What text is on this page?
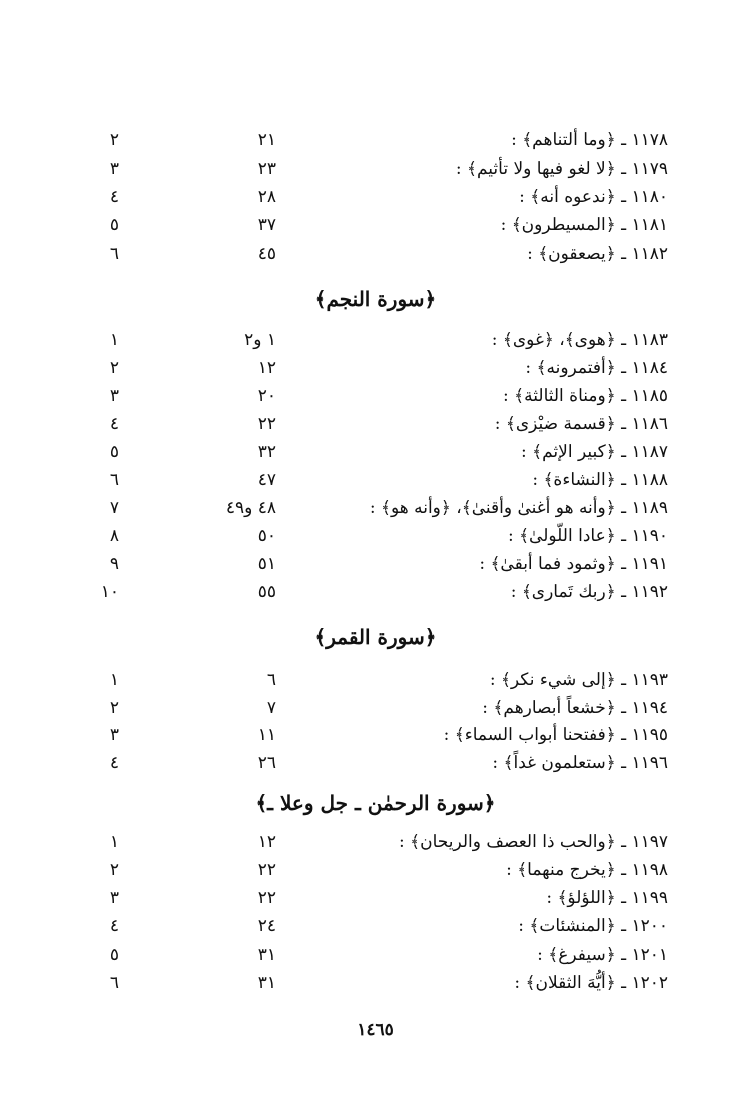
١١٧٨ ـ ﴿وما ألتناهم﴾ :
٢١
٢
١١٧٩ ـ ﴿لا لغو فيها ولا تأثيم﴾ :
٢٣
٣
١١٨٠ ـ ﴿ندعوه أنه﴾ :
٢٨
٤
١١٨١ ـ ﴿المسيطرون﴾ :
٣٧
٥
١١٨٢ ـ ﴿يصعقون﴾ :
٤٥
٦
﴿سورة النجم﴾
١١٨٣ ـ ﴿هوى﴾، ﴿غوى﴾ :
١ و٢
١
١١٨٤ ـ ﴿أفتمرونه﴾ :
١٢
٢
١١٨٥ ـ ﴿ومناة الثالثة﴾ :
٢٠
٣
١١٨٦ ـ ﴿قسمة ضيْزى﴾ :
٢٢
٤
١١٨٧ ـ ﴿كبير الإثم﴾ :
٣٢
٥
١١٨٨ ـ ﴿النشاءة﴾ :
٤٧
٦
١١٨٩ ـ ﴿وأنه هو أغنىٰ وأقنىٰ﴾، ﴿وأنه هو﴾ :
٤٨ و٤٩
٧
١١٩٠ ـ ﴿عادا اللّولىٰ﴾ :
٥٠
٨
١١٩١ ـ ﴿وثمود فما أبقىٰ﴾ :
٥١
٩
١١٩٢ ـ ﴿ربك تَمارى﴾ :
٥٥
١٠
﴿سورة القمر﴾
١١٩٣ ـ ﴿إلى شيء نكر﴾ :
٦
١
١١٩٤ ـ ﴿خشعاً أبصارهم﴾ :
٧
٢
١١٩٥ ـ ﴿ففتحنا أبواب السماء﴾ :
١١
٣
١١٩٦ ـ ﴿ستعلمون غداً﴾ :
٢٦
٤
﴿سورة الرحمٰن ـ جل وعلا ـ﴾
١١٩٧ ـ ﴿والحب ذا العصف والريحان﴾ :
١٢
١
١١٩٨ ـ ﴿يخرج منهما﴾ :
٢٢
٢
١١٩٩ ـ ﴿اللؤلؤ﴾ :
٢٢
٣
١٢٠٠ ـ ﴿المنشئات﴾ :
٢٤
٤
١٢٠١ ـ ﴿سيفرغ﴾ :
٣١
٥
١٢٠٢ ـ ﴿أيُّهَ الثقلان﴾ :
٣١
٦
١٤٦٥
